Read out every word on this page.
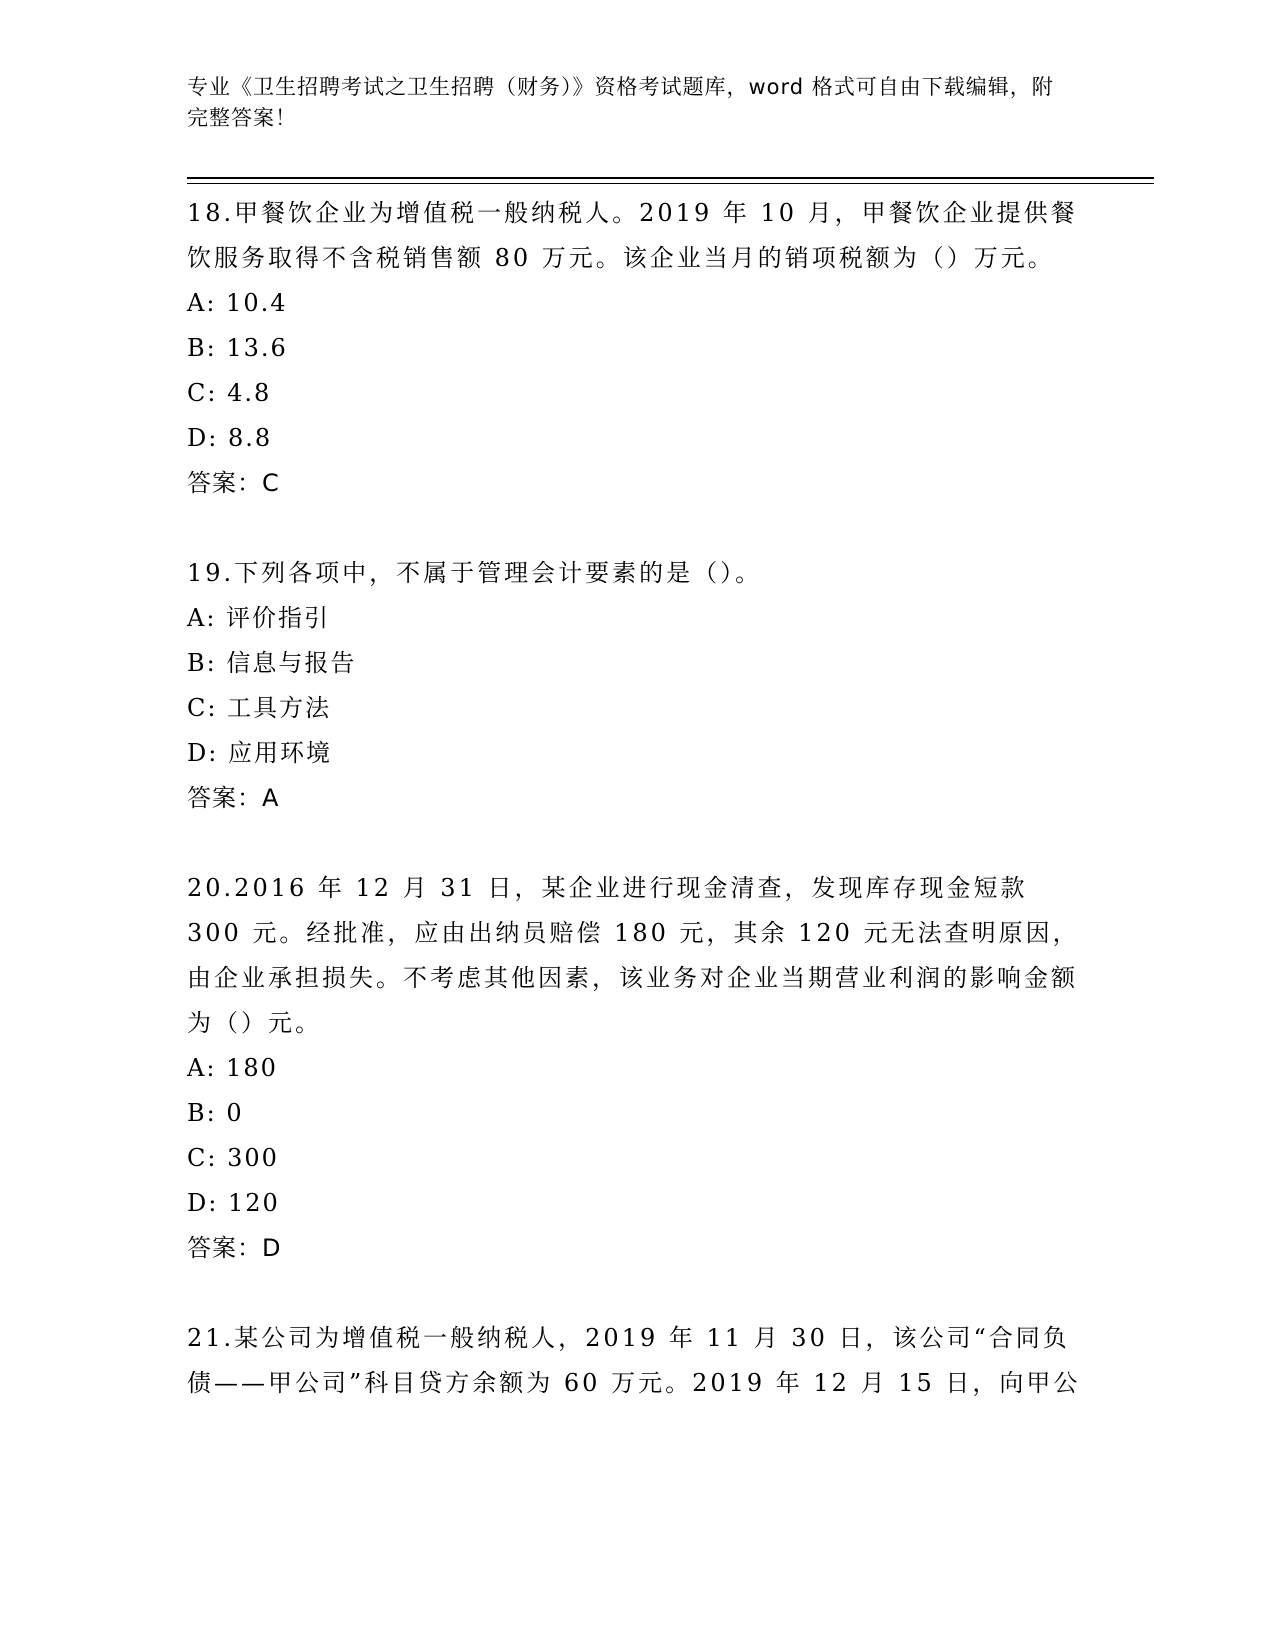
专业《卫生招聘考试之卫生招聘（财务）》资格考试题库，word 格式可自由下载编辑，附完整答案！

18.甲餐饮企业为增值税一般纳税人。2019 年 10 月，甲餐饮企业提供餐饮服务取得不含税销售额 80 万元。该企业当月的销项税额为（）万元。

A: 10.4

B: 13.6

C: 4.8

D: 8.8

答案：C

19.下列各项中，不属于管理会计要素的是（）。

A: 评价指引

B: 信息与报告

C: 工具方法

D: 应用环境

答案：A

20.2016 年 12 月 31 日，某企业进行现金清查，发现库存现金短款 300 元。经批准，应由出纳员赔偿 180 元，其余 120 元无法查明原因，由企业承担损失。不考虑其他因素，该业务对企业当期营业利润的影响金额为（）元。

A: 180

B: 0

C: 300

D: 120

答案：D

21.某公司为增值税一般纳税人，2019 年 11 月 30 日，该公司“合同负债——甲公司”科目贷方余额为 60 万元。2019 年 12 月 15 日，向甲公
